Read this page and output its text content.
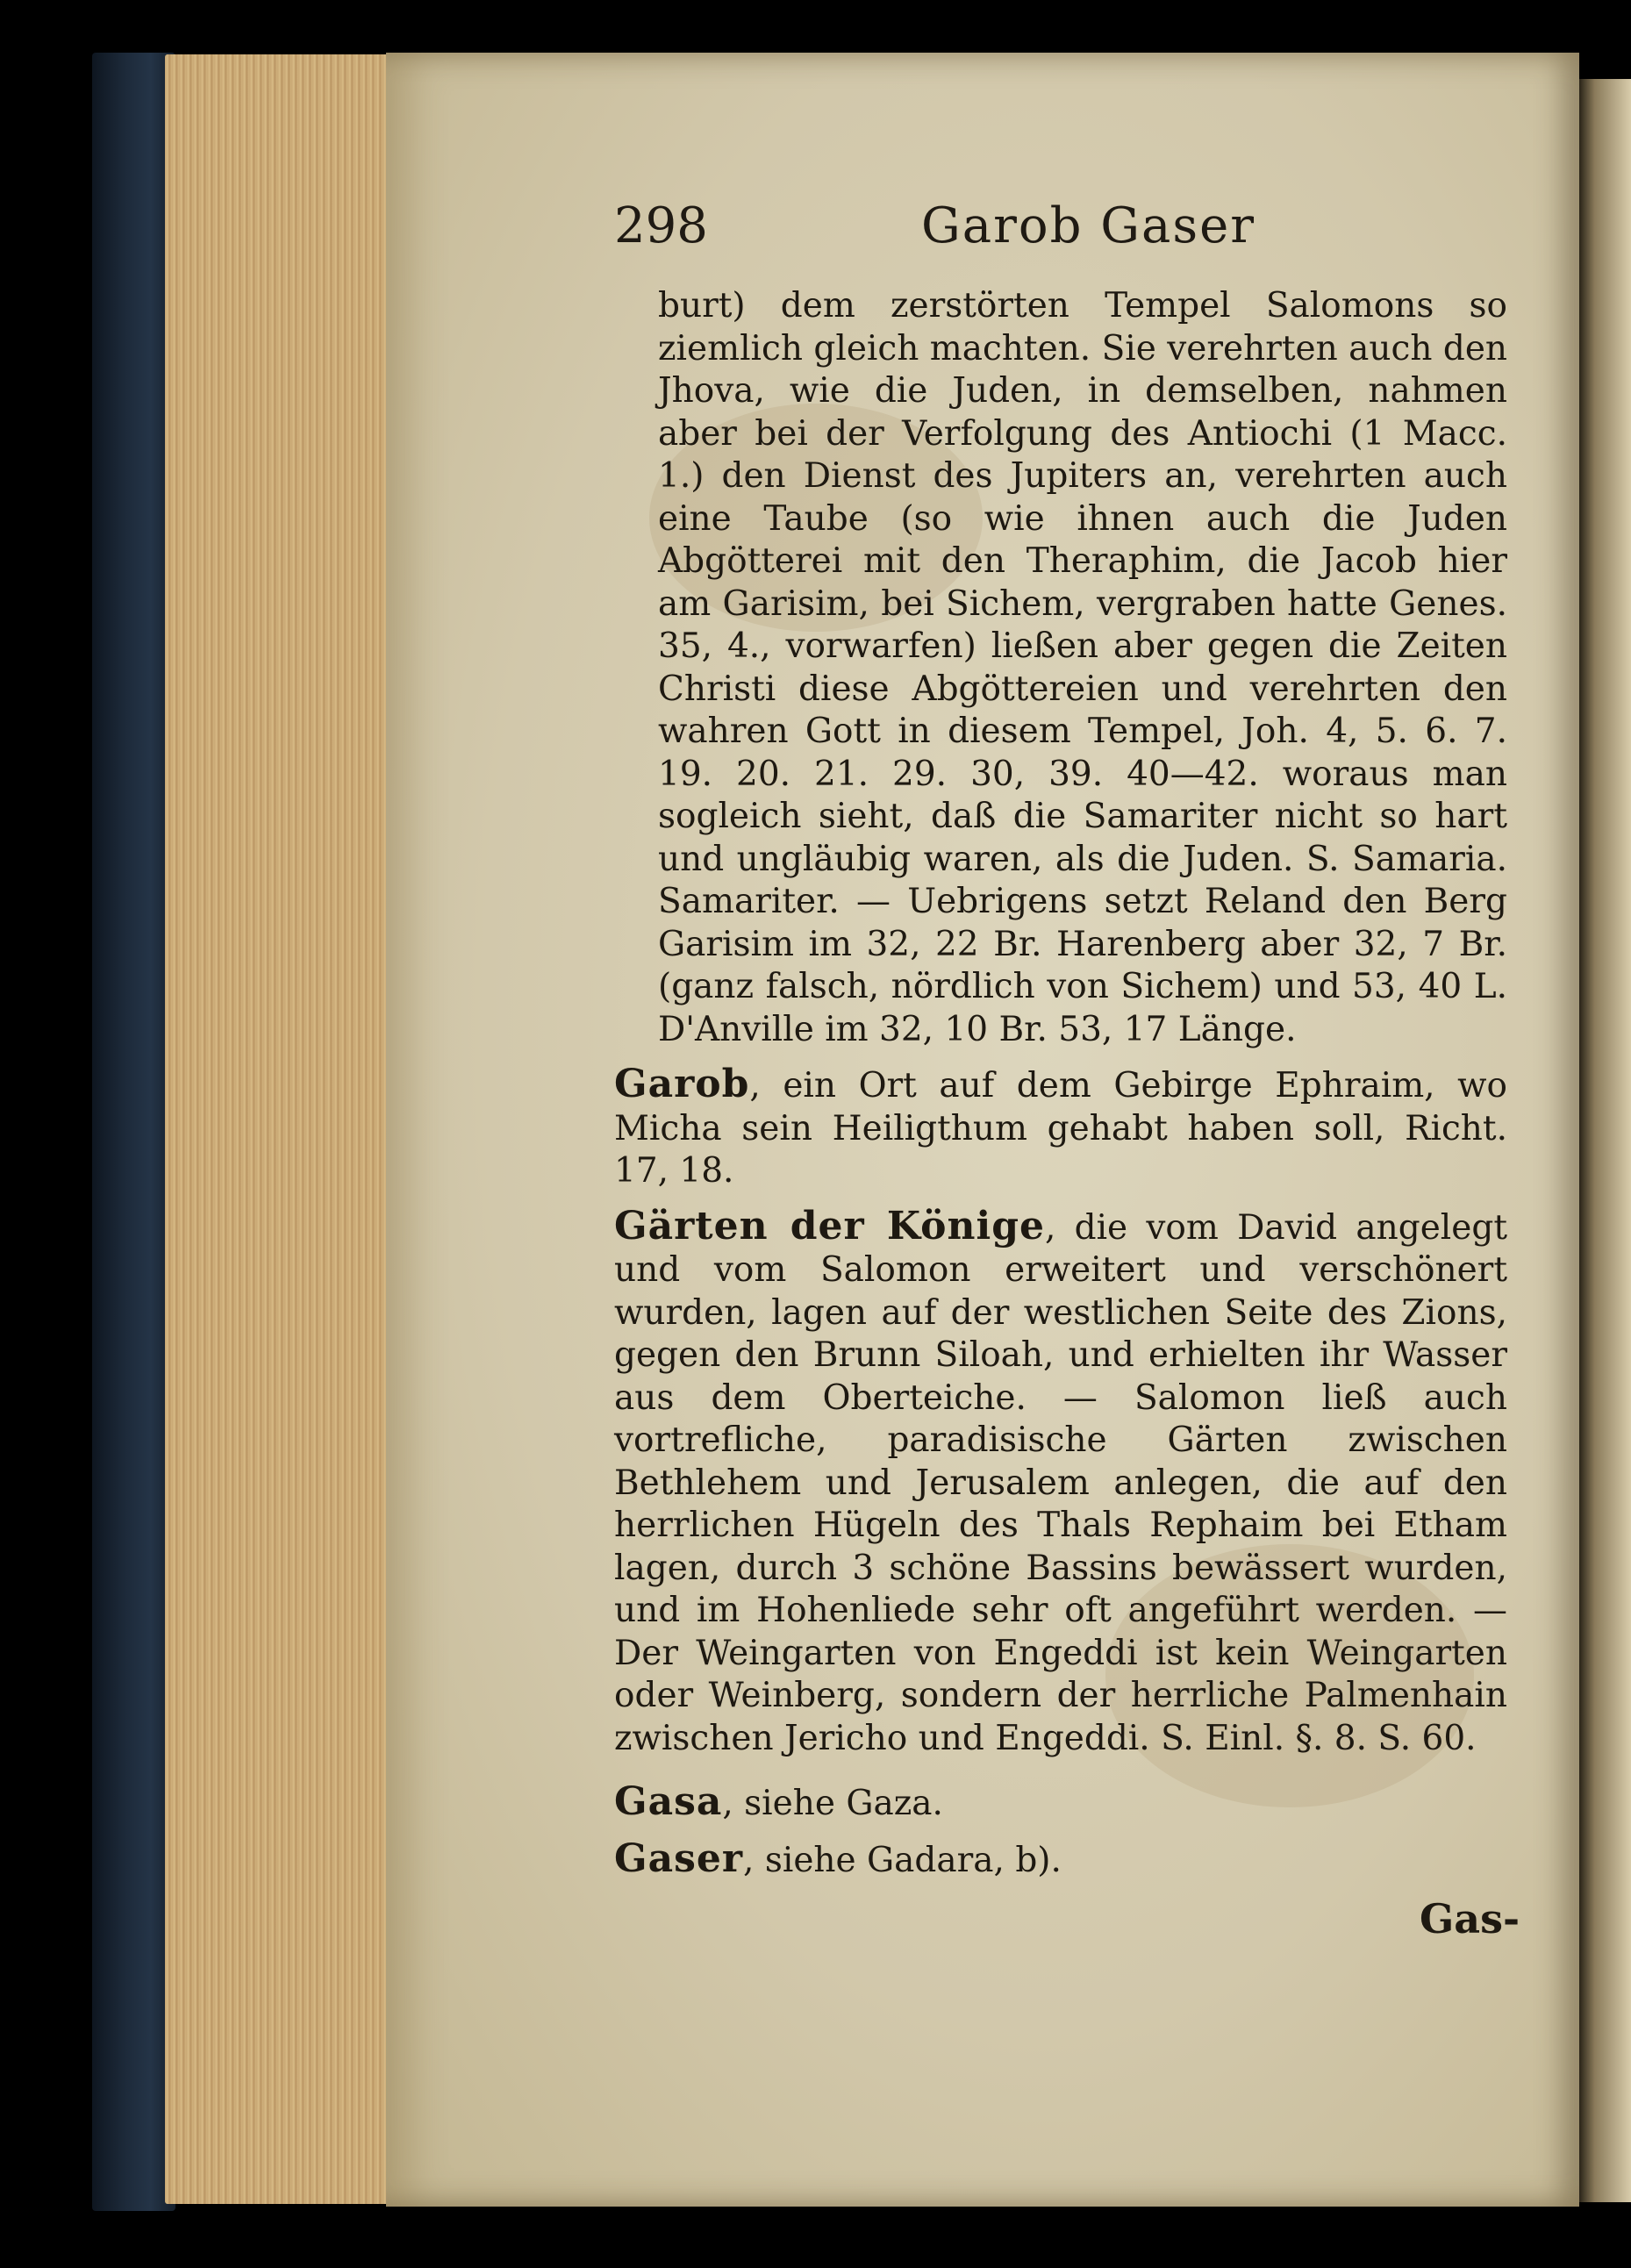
298	Garob Gaser

burt) dem zerstörten Tempel Salomons so ziemlich gleich machten. Sie verehrten auch den Jhova, wie die Juden, in demselben, nahmen aber bei der Verfolgung des Antiochi (1 Macc. 1.) den Dienst des Jupiters an, verehrten auch eine Taube (so wie ihnen auch die Juden Abgötterei mit den Theraphim, die Jacob hier am Garisim, bei Sichem, vergraben hatte Genes. 35, 4., vorwarfen) ließen aber gegen die Zeiten Christi diese Abgöttereien und verehrten den wahren Gott in diesem Tempel, Joh. 4, 5. 6. 7. 19. 20. 21. 29. 30, 39. 40—42. woraus man sogleich sieht, daß die Samariter nicht so hart und ungläubig waren, als die Juden. S. Samaria. Samariter. — Uebrigens setzt Reland den Berg Garisim im 32, 22 Br. Harenberg aber 32, 7 Br. (ganz falsch, nördlich von Sichem) und 53, 40 L. D'Anville im 32, 10 Br. 53, 17 Länge.

Garob, ein Ort auf dem Gebirge Ephraim, wo Micha sein Heiligthum gehabt haben soll, Richt. 17, 18.

Gärten der Könige, die vom David angelegt und vom Salomon erweitert und verschönert wurden, lagen auf der westlichen Seite des Zions, gegen den Brunn Siloah, und erhielten ihr Wasser aus dem Oberteiche. — Salomon ließ auch vortrefliche, paradisische Gärten zwischen Bethlehem und Jerusalem anlegen, die auf den herrlichen Hügeln des Thals Rephaim bei Etham lagen, durch 3 schöne Bassins bewässert wurden, und im Hohenliede sehr oft angeführt werden. — Der Weingarten von Engeddi ist kein Weingarten oder Weinberg, sondern der herrliche Palmenhain zwischen Jericho und Engeddi. S. Einl. §. 8. S. 60.

Gasa, siehe Gaza.

Gaser, siehe Gadara, b).

Gas-
